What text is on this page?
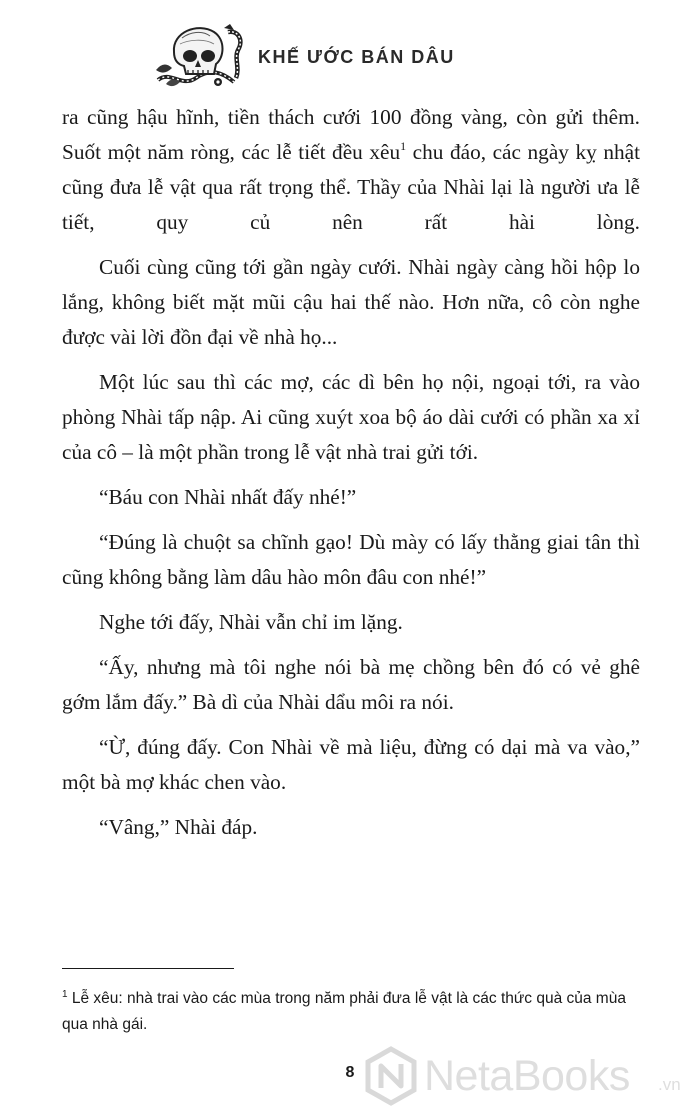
KHẾ ƯỚC BÁN DÂU

ra cũng hậu hĩnh, tiền thách cưới 100 đồng vàng, còn gửi thêm. Suốt một năm ròng, các lễ tiết đều xêu$^1$ chu đáo, các ngày kỵ nhật cũng đưa lễ vật qua rất trọng thể. Thầy của Nhài lại là người ưa lễ tiết, quy củ nên rất hài lòng.

Cuối cùng cũng tới gần ngày cưới. Nhài ngày càng hồi hộp lo lắng, không biết mặt mũi cậu hai thế nào. Hơn nữa, cô còn nghe được vài lời đồn đại về nhà họ...

Một lúc sau thì các mợ, các dì bên họ nội, ngoại tới, ra vào phòng Nhài tấp nập. Ai cũng xuýt xoa bộ áo dài cưới có phần xa xỉ của cô – là một phần trong lễ vật nhà trai gửi tới.

“Báu con Nhài nhất đấy nhé!”

“Đúng là chuột sa chĩnh gạo! Dù mày có lấy thằng giai tân thì cũng không bằng làm dâu hào môn đâu con nhé!”

Nghe tới đấy, Nhài vẫn chỉ im lặng.

“Ấy, nhưng mà tôi nghe nói bà mẹ chồng bên đó có vẻ ghê gớm lắm đấy.” Bà dì của Nhài dẩu môi ra nói.

“Ừ, đúng đấy. Con Nhài về mà liệu, đừng có dại mà va vào,” một bà mợ khác chen vào.

“Vâng,” Nhài đáp.

$^1$ Lễ xêu: nhà trai vào các mùa trong năm phải đưa lễ vật là các thức quà của mùa qua nhà gái.
8 NetaBooks .vn
